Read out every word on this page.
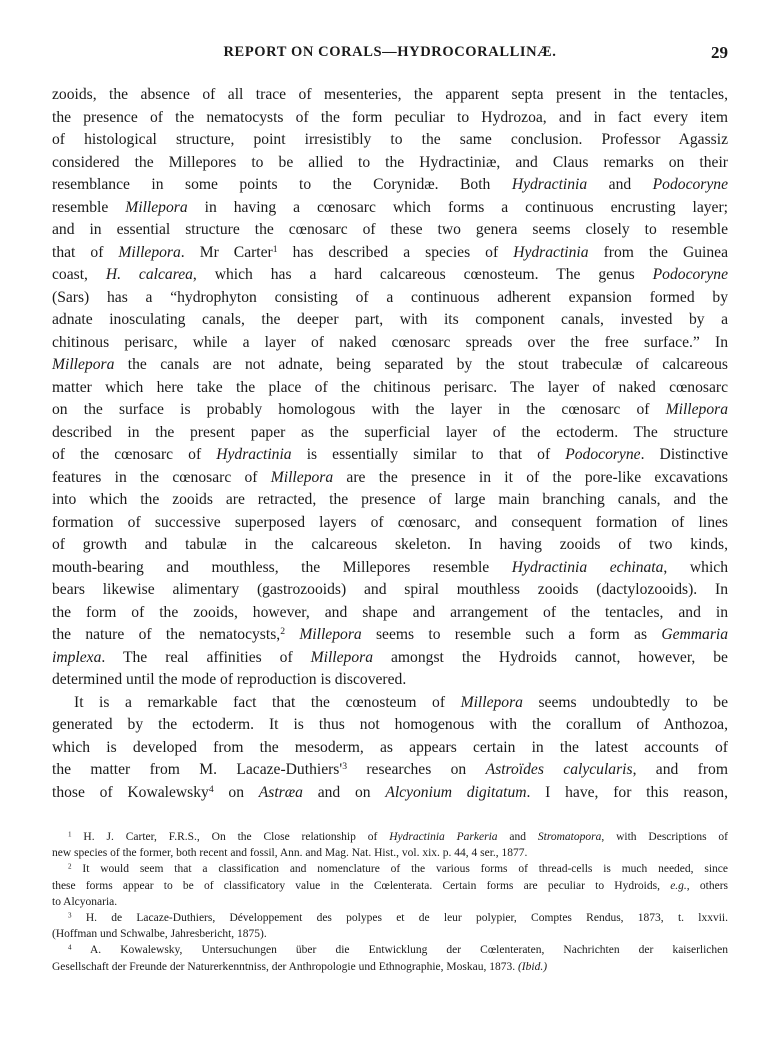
REPORT ON CORALS—HYDROCORALLINÆ.	29
zooids, the absence of all trace of mesenteries, the apparent septa present in the tentacles,
the presence of the nematocysts of the form peculiar to Hydrozoa, and in fact every item
of histological structure, point irresistibly to the same conclusion. Professor Agassiz
considered the Millepores to be allied to the Hydractiniæ, and Claus remarks on their
resemblance in some points to the Corynidæ. Both Hydractinia and Podocoryne
resemble Millepora in having a cœnosarc which forms a continuous encrusting layer;
and in essential structure the cœnosarc of these two genera seems closely to resemble
that of Millepora. Mr Carter$^1$ has described a species of Hydractinia from the Guinea
coast, H. calcarea, which has a hard calcareous cœnosteum. The genus Podocoryne
(Sars) has a “hydrophyton consisting of a continuous adherent expansion formed by
adnate inosculating canals, the deeper part, with its component canals, invested by a
chitinous perisarc, while a layer of naked cœnosarc spreads over the free surface.” In
Millepora the canals are not adnate, being separated by the stout trabeculæ of calcareous
matter which here take the place of the chitinous perisarc. The layer of naked cœnosarc
on the surface is probably homologous with the layer in the cœnosarc of Millepora
described in the present paper as the superficial layer of the ectoderm. The structure
of the cœnosarc of Hydractinia is essentially similar to that of Podocoryne. Distinctive
features in the cœnosarc of Millepora are the presence in it of the pore-like excavations
into which the zooids are retracted, the presence of large main branching canals, and the
formation of successive superposed layers of cœnosarc, and consequent formation of lines
of growth and tabulæ in the calcareous skeleton. In having zooids of two kinds,
mouth-bearing and mouthless, the Millepores resemble Hydractinia echinata, which
bears likewise alimentary (gastrozooids) and spiral mouthless zooids (dactylozooids). In
the form of the zooids, however, and shape and arrangement of the tentacles, and in
the nature of the nematocysts,$^2$ Millepora seems to resemble such a form as Gemmaria
implexa. The real affinities of Millepora amongst the Hydroids cannot, however, be
determined until the mode of reproduction is discovered.
It is a remarkable fact that the cœnosteum of Millepora seems undoubtedly to be
generated by the ectoderm. It is thus not homogenous with the corallum of Anthozoa,
which is developed from the mesoderm, as appears certain in the latest accounts of
the matter from M. Lacaze-$Duthiers'^3$ researches on Astroïdes calycularis, and from
those of Kowalewsky$^4$ on Astræa and on Alcyonium digitatum. I have, for this reason,
$^1$ H. J. Carter, F.R.S., On the Close relationship of Hydractinia Parkeria and Stromatopora, with Descriptions of
new species of the former, both recent and fossil, Ann. and Mag. Nat. Hist., vol. xix. p. 44, 4 ser., 1877.
$^2$ It would seem that a classification and nomenclature of the various forms of thread-cells is much needed, since
these forms appear to be of classificatory value in the Cœlenterata. Certain forms are peculiar to Hydroids, e.g., others
to Alcyonaria.
$^3$ H. de Lacaze-Duthiers, Développement des polypes et de leur polypier, Comptes Rendus, 1873, t. lxxvii.
(Hoffman und Schwalbe, Jahresbericht, 1875).
$^4$ A. Kowalewsky, Untersuchungen über die Entwicklung der Cœlenteraten, Nachrichten der kaiserlichen
Gesellschaft der Freunde der Naturerkenntniss, der Anthropologie und Ethnographie, Moskau, 1873. (Ibid.)
